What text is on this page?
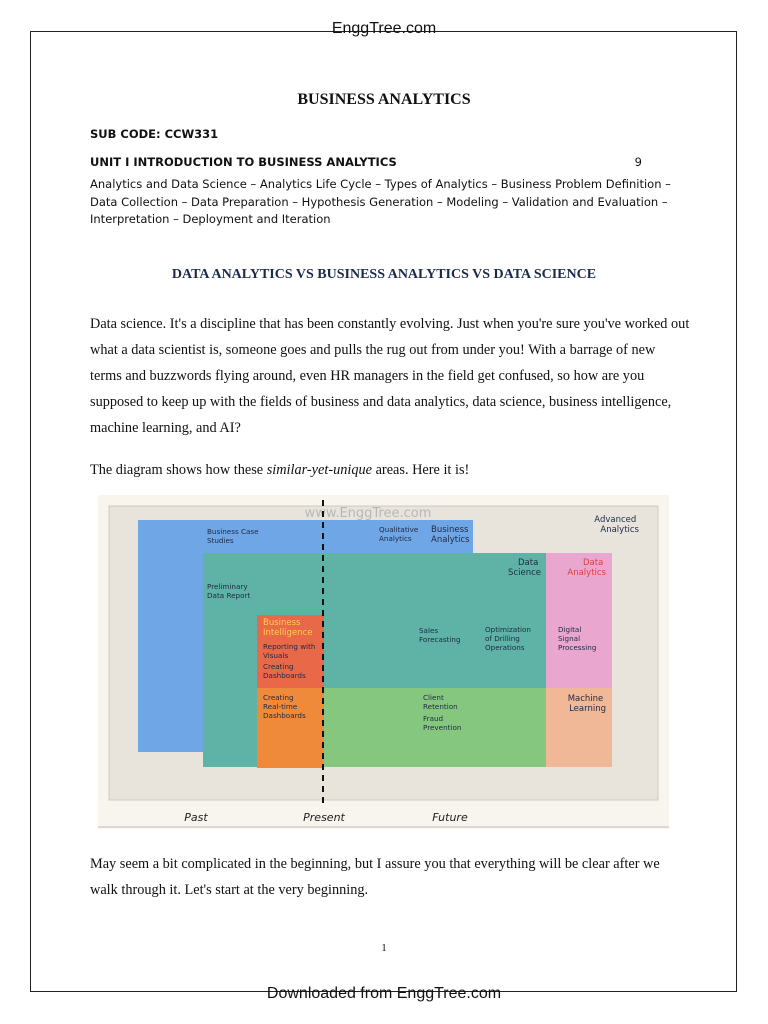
EnggTree.com
BUSINESS ANALYTICS
SUB CODE: CCW331
UNIT I INTRODUCTION TO BUSINESS ANALYTICS	9
Analytics and Data Science – Analytics Life Cycle – Types of Analytics – Business Problem Definition – Data Collection – Data Preparation – Hypothesis Generation – Modeling – Validation and Evaluation – Interpretation – Deployment and Iteration
DATA ANALYTICS VS BUSINESS ANALYTICS VS DATA SCIENCE
Data science. It's a discipline that has been constantly evolving. Just when you're sure you've worked out what a data scientist is, someone goes and pulls the rug out from under you! With a barrage of new terms and buzzwords flying around, even HR managers in the field get confused, so how are you supposed to keep up with the fields of business and data analytics, data science, business intelligence, machine learning, and AI?
The diagram shows how these similar-yet-unique areas. Here it is!
www.EnggTree.com	Advanced Analytics
Business Case Studies
Qualitative Analytics
Business Analytics
Data Science
Data Analytics
Preliminary Data Report
Business Intelligence
Reporting with Visuals
Creating Dashboards
Sales Forecasting
Optimization of Drilling Operations
Digital Signal Processing
Creating Real-time Dashboards
Client Retention
Fraud Prevention
Machine Learning
Past	Present	Future
May seem a bit complicated in the beginning, but I assure you that everything will be clear after we walk through it. Let's start at the very beginning.
1
Downloaded from EnggTree.com
